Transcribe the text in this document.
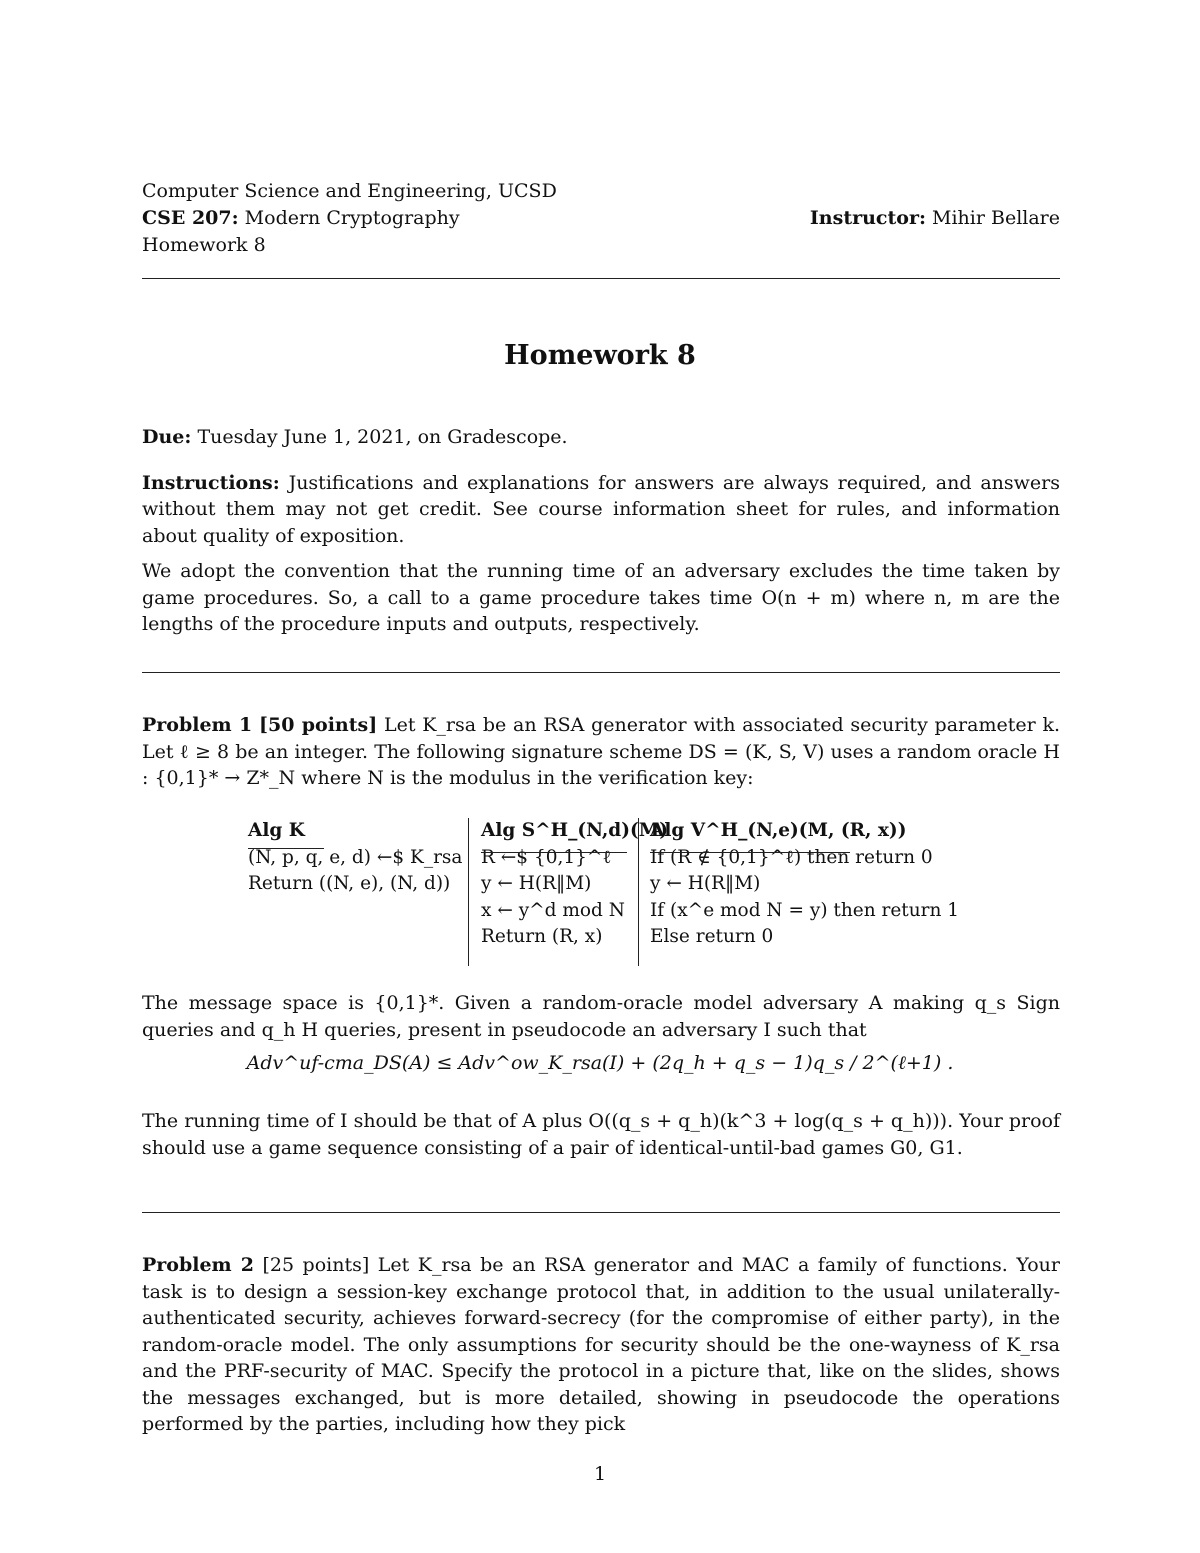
Computer Science and Engineering, UCSD
CSE 207: Modern Cryptography	Instructor: Mihir Bellare
Homework 8
Homework 8

Due: Tuesday June 1, 2021, on Gradescope.

Instructions: Justifications and explanations for answers are always required, and answers without them may not get credit. See course information sheet for rules, and information about quality of exposition.

We adopt the convention that the running time of an adversary excludes the time taken by game procedures. So, a call to a game procedure takes time O(n + m) where n, m are the lengths of the procedure inputs and outputs, respectively.

Problem 1 [50 points] Let K_rsa be an RSA generator with associated security parameter k. Let ℓ ≥ 8 be an integer. The following signature scheme DS = (K, S, V) uses a random oracle H : {0,1}* → Z*_N where N is the modulus in the verification key:

Alg K
(N, p, q, e, d) ←$ K_rsa
Return ((N, e), (N, d))
Alg S^H_(N,d)(M)
R ←$ {0,1}^ℓ
y ← H(R‖M)
x ← y^d mod N
Return (R, x)
Alg V^H_(N,e)(M, (R, x))
If (R ∉ {0,1}^ℓ) then return 0
y ← H(R‖M)
If (x^e mod N = y) then return 1
Else return 0
The message space is {0,1}*. Given a random-oracle model adversary A making q_s Sign queries and q_h H queries, present in pseudocode an adversary I such that
Adv^uf-cma_DS(A) ≤ Adv^ow_K_rsa(I) + (2q_h + q_s − 1)q_s / 2^(ℓ+1) .
The running time of I should be that of A plus O((q_s + q_h)(k^3 + log(q_s + q_h))). Your proof should use a game sequence consisting of a pair of identical-until-bad games G0, G1.
Problem 2 [25 points] Let K_rsa be an RSA generator and MAC a family of functions. Your task is to design a session-key exchange protocol that, in addition to the usual unilaterally-authenticated security, achieves forward-secrecy (for the compromise of either party), in the random-oracle model. The only assumptions for security should be the one-wayness of K_rsa and the PRF-security of MAC. Specify the protocol in a picture that, like on the slides, shows the messages exchanged, but is more detailed, showing in pseudocode the operations performed by the parties, including how they pick
1
